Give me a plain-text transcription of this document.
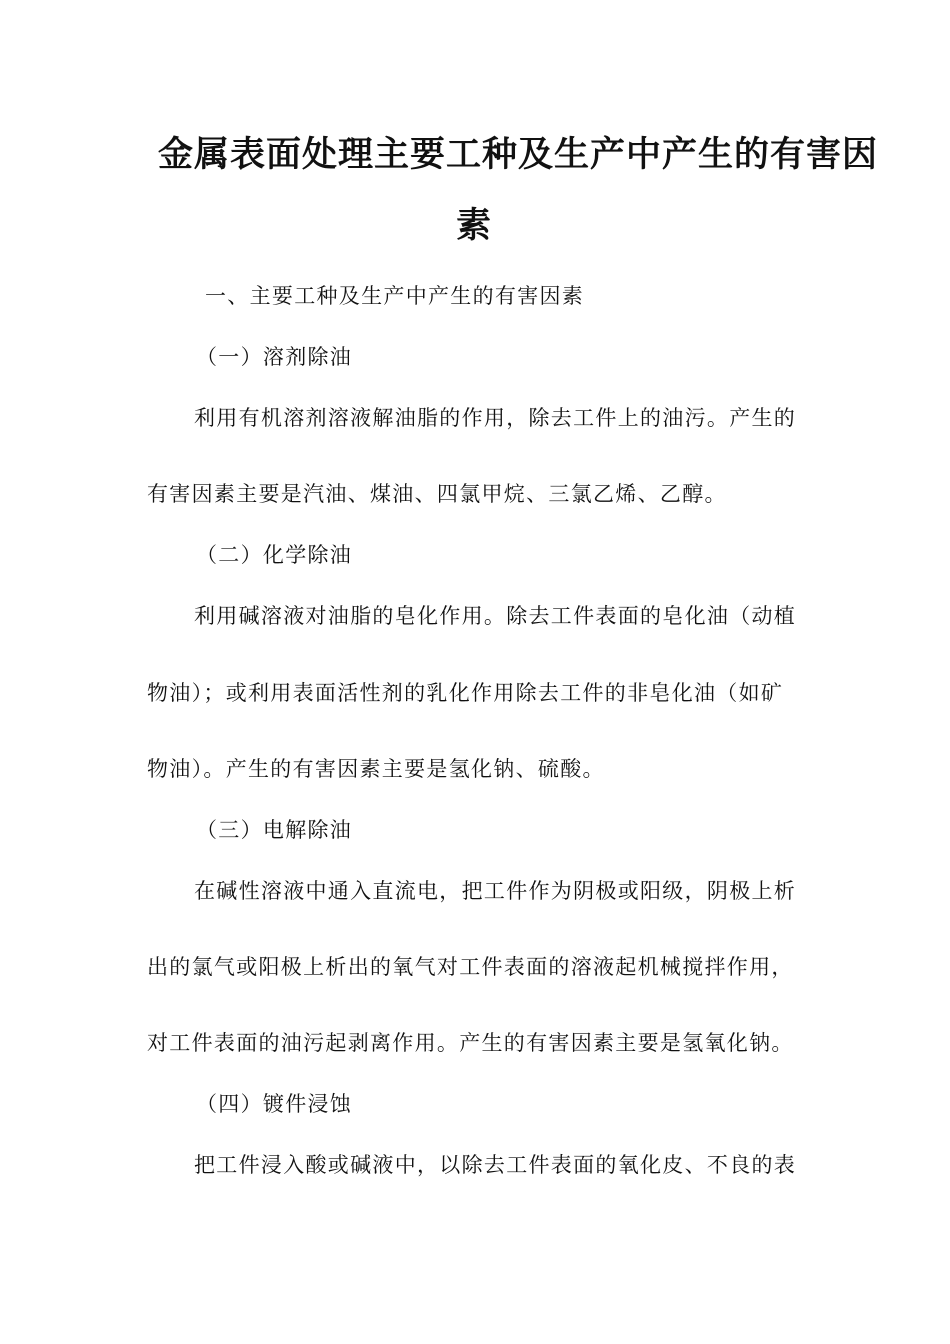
金属表面处理主要工种及生产中产生的有害因
素
一、主要工种及生产中产生的有害因素
（一）溶剂除油
利用有机溶剂溶液解油脂的作用，除去工件上的油污。产生的
有害因素主要是汽油、煤油、四氯甲烷、三氯乙烯、乙醇。
（二）化学除油
利用碱溶液对油脂的皂化作用。除去工件表面的皂化油（动植
物油）；或利用表面活性剂的乳化作用除去工件的非皂化油（如矿
物油）。产生的有害因素主要是氢化钠、硫酸。
（三）电解除油
在碱性溶液中通入直流电，把工件作为阴极或阳级，阴极上析
出的氯气或阳极上析出的氧气对工件表面的溶液起机械搅拌作用，
对工件表面的油污起剥离作用。产生的有害因素主要是氢氧化钠。
（四）镀件浸蚀
把工件浸入酸或碱液中，以除去工件表面的氧化皮、不良的表
